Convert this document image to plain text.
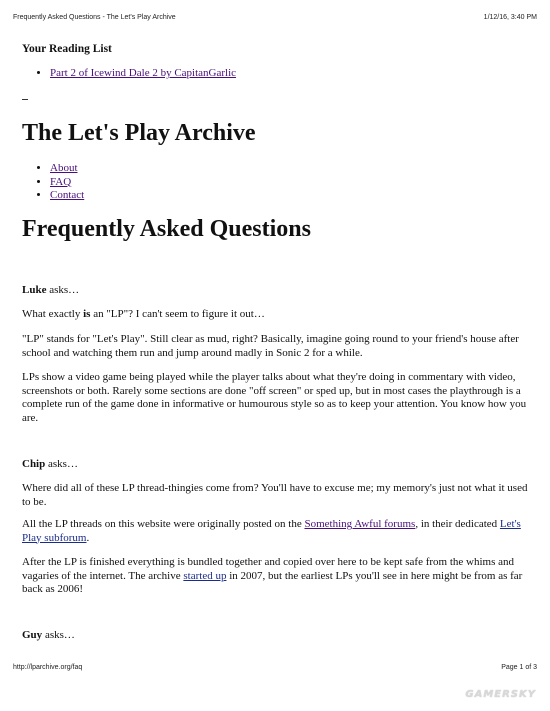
Frequently Asked Questions - The Let's Play Archive	1/12/16, 3:40 PM
Your Reading List
• Part 2 of Icewind Dale 2 by CapitanGarlic
The Let's Play Archive
• About
• FAQ
• Contact
Frequently Asked Questions

Luke asks…

What exactly is an "LP"? I can't seem to figure it out…

"LP" stands for "Let's Play". Still clear as mud, right? Basically, imagine going round to your friend's house after school and watching them run and jump around madly in Sonic 2 for a while.

LPs show a video game being played while the player talks about what they're doing in commentary with video, screenshots or both. Rarely some sections are done "off screen" or sped up, but in most cases the playthrough is a complete run of the game done in informative or humourous style so as to keep your attention. You know how you are.

Chip asks…

Where did all of these LP thread-thingies come from? You'll have to excuse me; my memory's just not what it used to be.

All the LP threads on this website were originally posted on the Something Awful forums, in their dedicated Let's Play subforum.

After the LP is finished everything is bundled together and copied over here to be kept safe from the whims and vagaries of the internet. The archive started up in 2007, but the earliest LPs you'll see in here might be from as far back as 2006!

Guy asks…

http://lparchive.org/faq	Page 1 of 3
GAMERSKY
